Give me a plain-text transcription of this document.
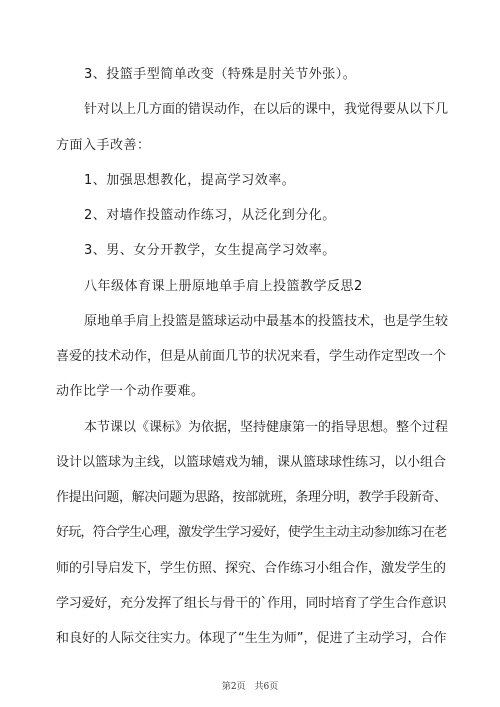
3、投篮手型简单改变（特殊是肘关节外张）。
针对以上几方面的错误动作，在以后的课中，我觉得要从以下几
方面入手改善：
1、加强思想教化，提高学习效率。
2、对墙作投篮动作练习，从泛化到分化。
3、男、女分开教学，女生提高学习效率。
八年级体育课上册原地单手肩上投篮教学反思2
原地单手肩上投篮是篮球运动中最基本的投篮技术，也是学生较
喜爱的技术动作，但是从前面几节的状况来看，学生动作定型改一个
动作比学一个动作要难。
本节课以《课标》为依据，坚持健康第一的指导思想。整个过程
设计以篮球为主线，以篮球嬉戏为辅，课从篮球球性练习，以小组合
作提出问题，解决问题为思路，按部就班，条理分明，教学手段新奇、
好玩，符合学生心理，激发学生学习爱好，使学生主动主动参加练习在老
师的引导启发下，学生仿照、探究、合作练习小组合作，激发学生的
学习爱好，充分发挥了组长与骨干的`作用，同时培育了学生合作意识
和良好的人际交往实力。体现了“生生为师”，促进了主动学习，合作
第2页 共6页
